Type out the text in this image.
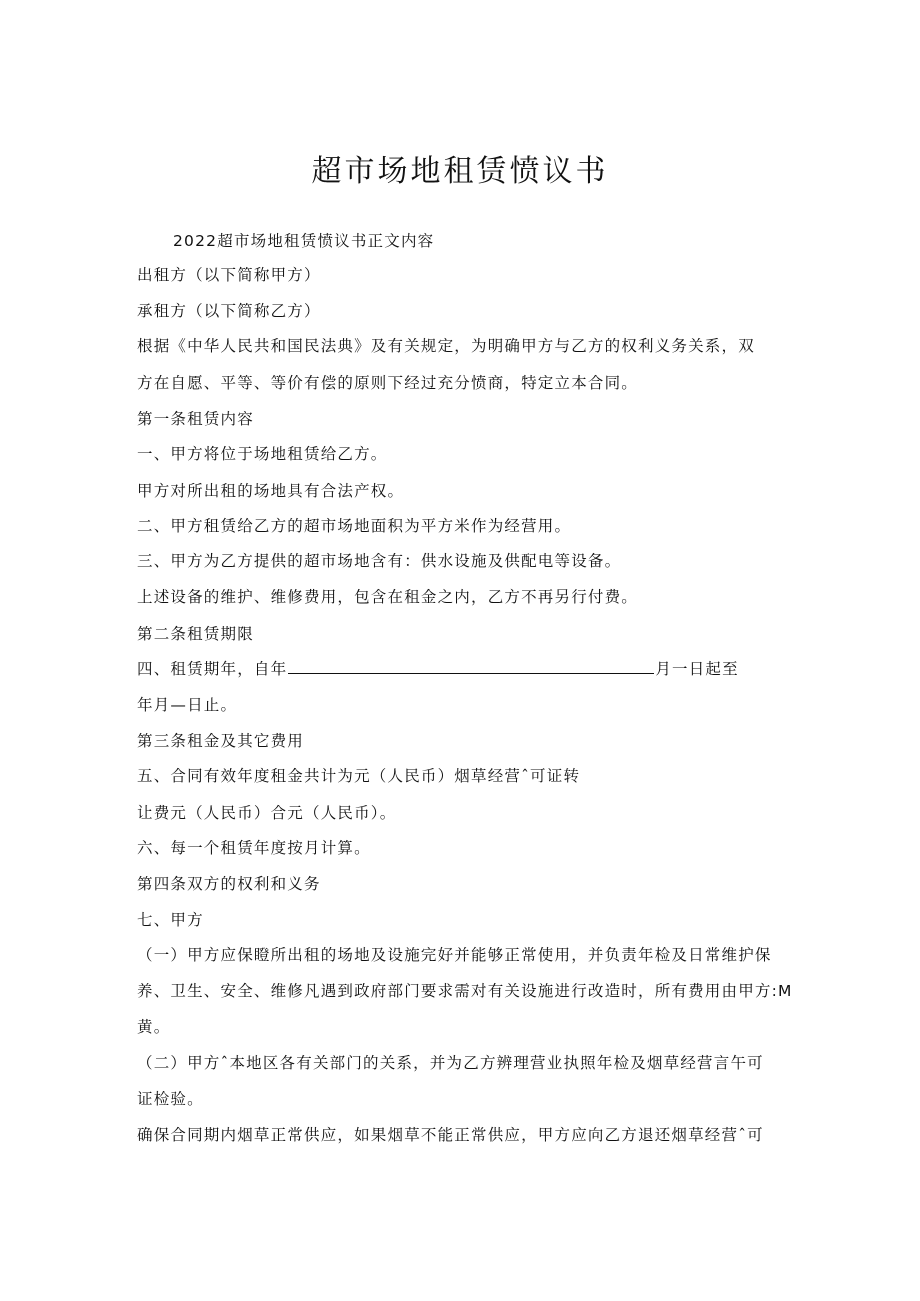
超市场地租赁愤议书
2022超市场地租赁愤议书正文内容
出租方（以下简称甲方）
承租方（以下简称乙方）
根据《中华人民共和国民法典》及有关规定，为明确甲方与乙方的权利义务关系，双
方在自愿、平等、等价有偿的原则下经过充分愤商，特定立本合同。
第一条租赁内容
一、甲方将位于场地租赁给乙方。
甲方对所出租的场地具有合法产权。
二、甲方租赁给乙方的超市场地面积为平方米作为经营用。
三、甲方为乙方提供的超市场地含有：供水设施及供配电等设备。
上述设备的维护、维修费用，包含在租金之内，乙方不再另行付费。
第二条租赁期限
四、租赁期年，自年	月一日起至
年月—日止。
第三条租金及其它费用
五、合同有效年度租金共计为元（人民币）烟草经营ˆ可证转
让费元（人民币）合元（人民币）。
六、每一个租赁年度按月计算。
第四条双方的权利和义务
七、甲方
（一）甲方应保瞪所出租的场地及设施完好并能够正常使用，并负责年检及日常维护保
养、卫生、安全、维修凡遇到政府部门要求需对有关设施进行改造时，所有费用由甲方:M
黄。
（二）甲方ˆ本地区各有关部门的关系，并为乙方辨理营业执照年检及烟草经营言午可
证检验。
确保合同期内烟草正常供应，如果烟草不能正常供应，甲方应向乙方退还烟草经营ˆ可
